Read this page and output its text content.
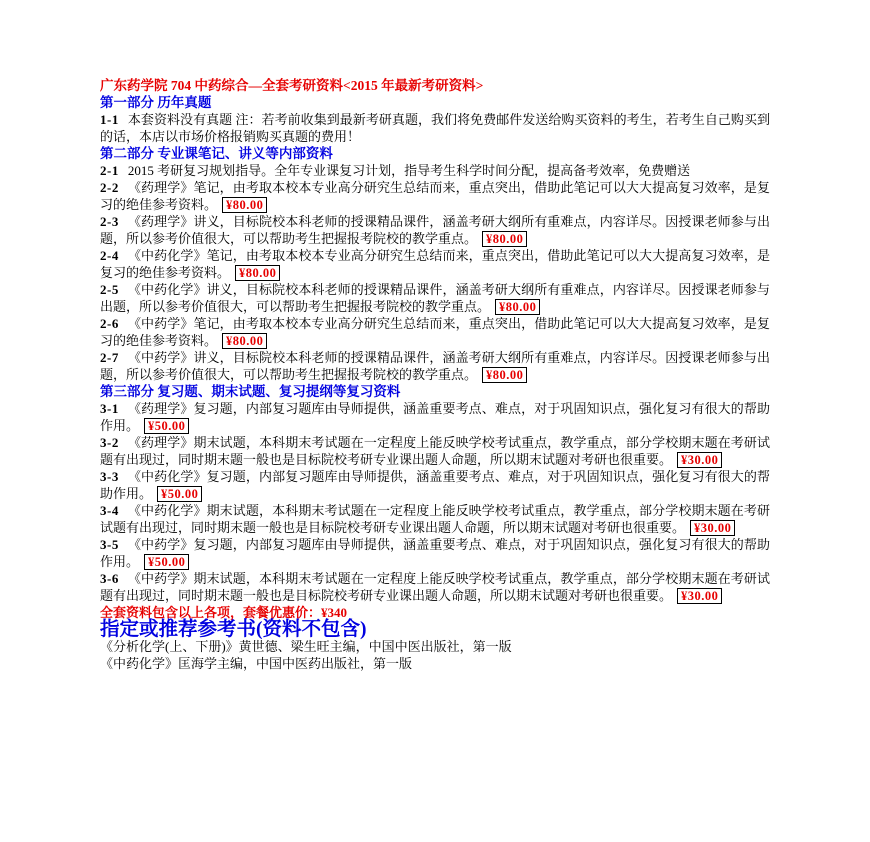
广东药学院 704 中药综合—全套考研资料<2015 年最新考研资料>
第一部分 历年真题

1-1 本套资料没有真题 注：若考前收集到最新考研真题，我们将免费邮件发送给购买资料的考生，若考生自己购买到的话，本店以市场价格报销购买真题的费用！

第二部分 专业课笔记、讲义等内部资料

2-1 2015 考研复习规划指导。全年专业课复习计划，指导考生科学时间分配，提高备考效率，免费赠送

2-2 《药理学》笔记，由考取本校本专业高分研究生总结而来，重点突出，借助此笔记可以大大提高复习效率，是复习的绝佳参考资料。 ¥80.00

2-3 《药理学》讲义，目标院校本科老师的授课精品课件，涵盖考研大纲所有重难点，内容详尽。因授课老师参与出题，所以参考价值很大，可以帮助考生把握报考院校的教学重点。 ¥80.00

2-4 《中药化学》笔记，由考取本校本专业高分研究生总结而来，重点突出，借助此笔记可以大大提高复习效率，是复习的绝佳参考资料。 ¥80.00

2-5 《中药化学》讲义，目标院校本科老师的授课精品课件，涵盖考研大纲所有重难点，内容详尽。因授课老师参与出题，所以参考价值很大，可以帮助考生把握报考院校的教学重点。 ¥80.00

2-6 《中药学》笔记，由考取本校本专业高分研究生总结而来，重点突出，借助此笔记可以大大提高复习效率，是复习的绝佳参考资料。 ¥80.00

2-7 《中药学》讲义，目标院校本科老师的授课精品课件，涵盖考研大纲所有重难点，内容详尽。因授课老师参与出题，所以参考价值很大，可以帮助考生把握报考院校的教学重点。 ¥80.00

第三部分 复习题、期末试题、复习提纲等复习资料

3-1 《药理学》复习题，内部复习题库由导师提供，涵盖重要考点、难点，对于巩固知识点，强化复习有很大的帮助作用。 ¥50.00

3-2 《药理学》期末试题，本科期末考试题在一定程度上能反映学校考试重点，教学重点，部分学校期末题在考研试题有出现过，同时期末题一般也是目标院校考研专业课出题人命题，所以期末试题对考研也很重要。 ¥30.00

3-3 《中药化学》复习题，内部复习题库由导师提供，涵盖重要考点、难点，对于巩固知识点，强化复习有很大的帮助作用。 ¥50.00

3-4 《中药化学》期末试题，本科期末考试题在一定程度上能反映学校考试重点，教学重点，部分学校期末题在考研试题有出现过，同时期末题一般也是目标院校考研专业课出题人命题，所以期末试题对考研也很重要。 ¥30.00

3-5 《中药学》复习题，内部复习题库由导师提供，涵盖重要考点、难点，对于巩固知识点，强化复习有很大的帮助作用。 ¥50.00

3-6 《中药学》期末试题，本科期末考试题在一定程度上能反映学校考试重点，教学重点，部分学校期末题在考研试题有出现过，同时期末题一般也是目标院校考研专业课出题人命题，所以期末试题对考研也很重要。 ¥30.00

全套资料包含以上各项，套餐优惠价：¥340

指定或推荐参考书(资料不包含)

《分析化学(上、下册)》黄世德、梁生旺主编，中国中医出版社，第一版

《中药化学》匡海学主编，中国中医药出版社，第一版
